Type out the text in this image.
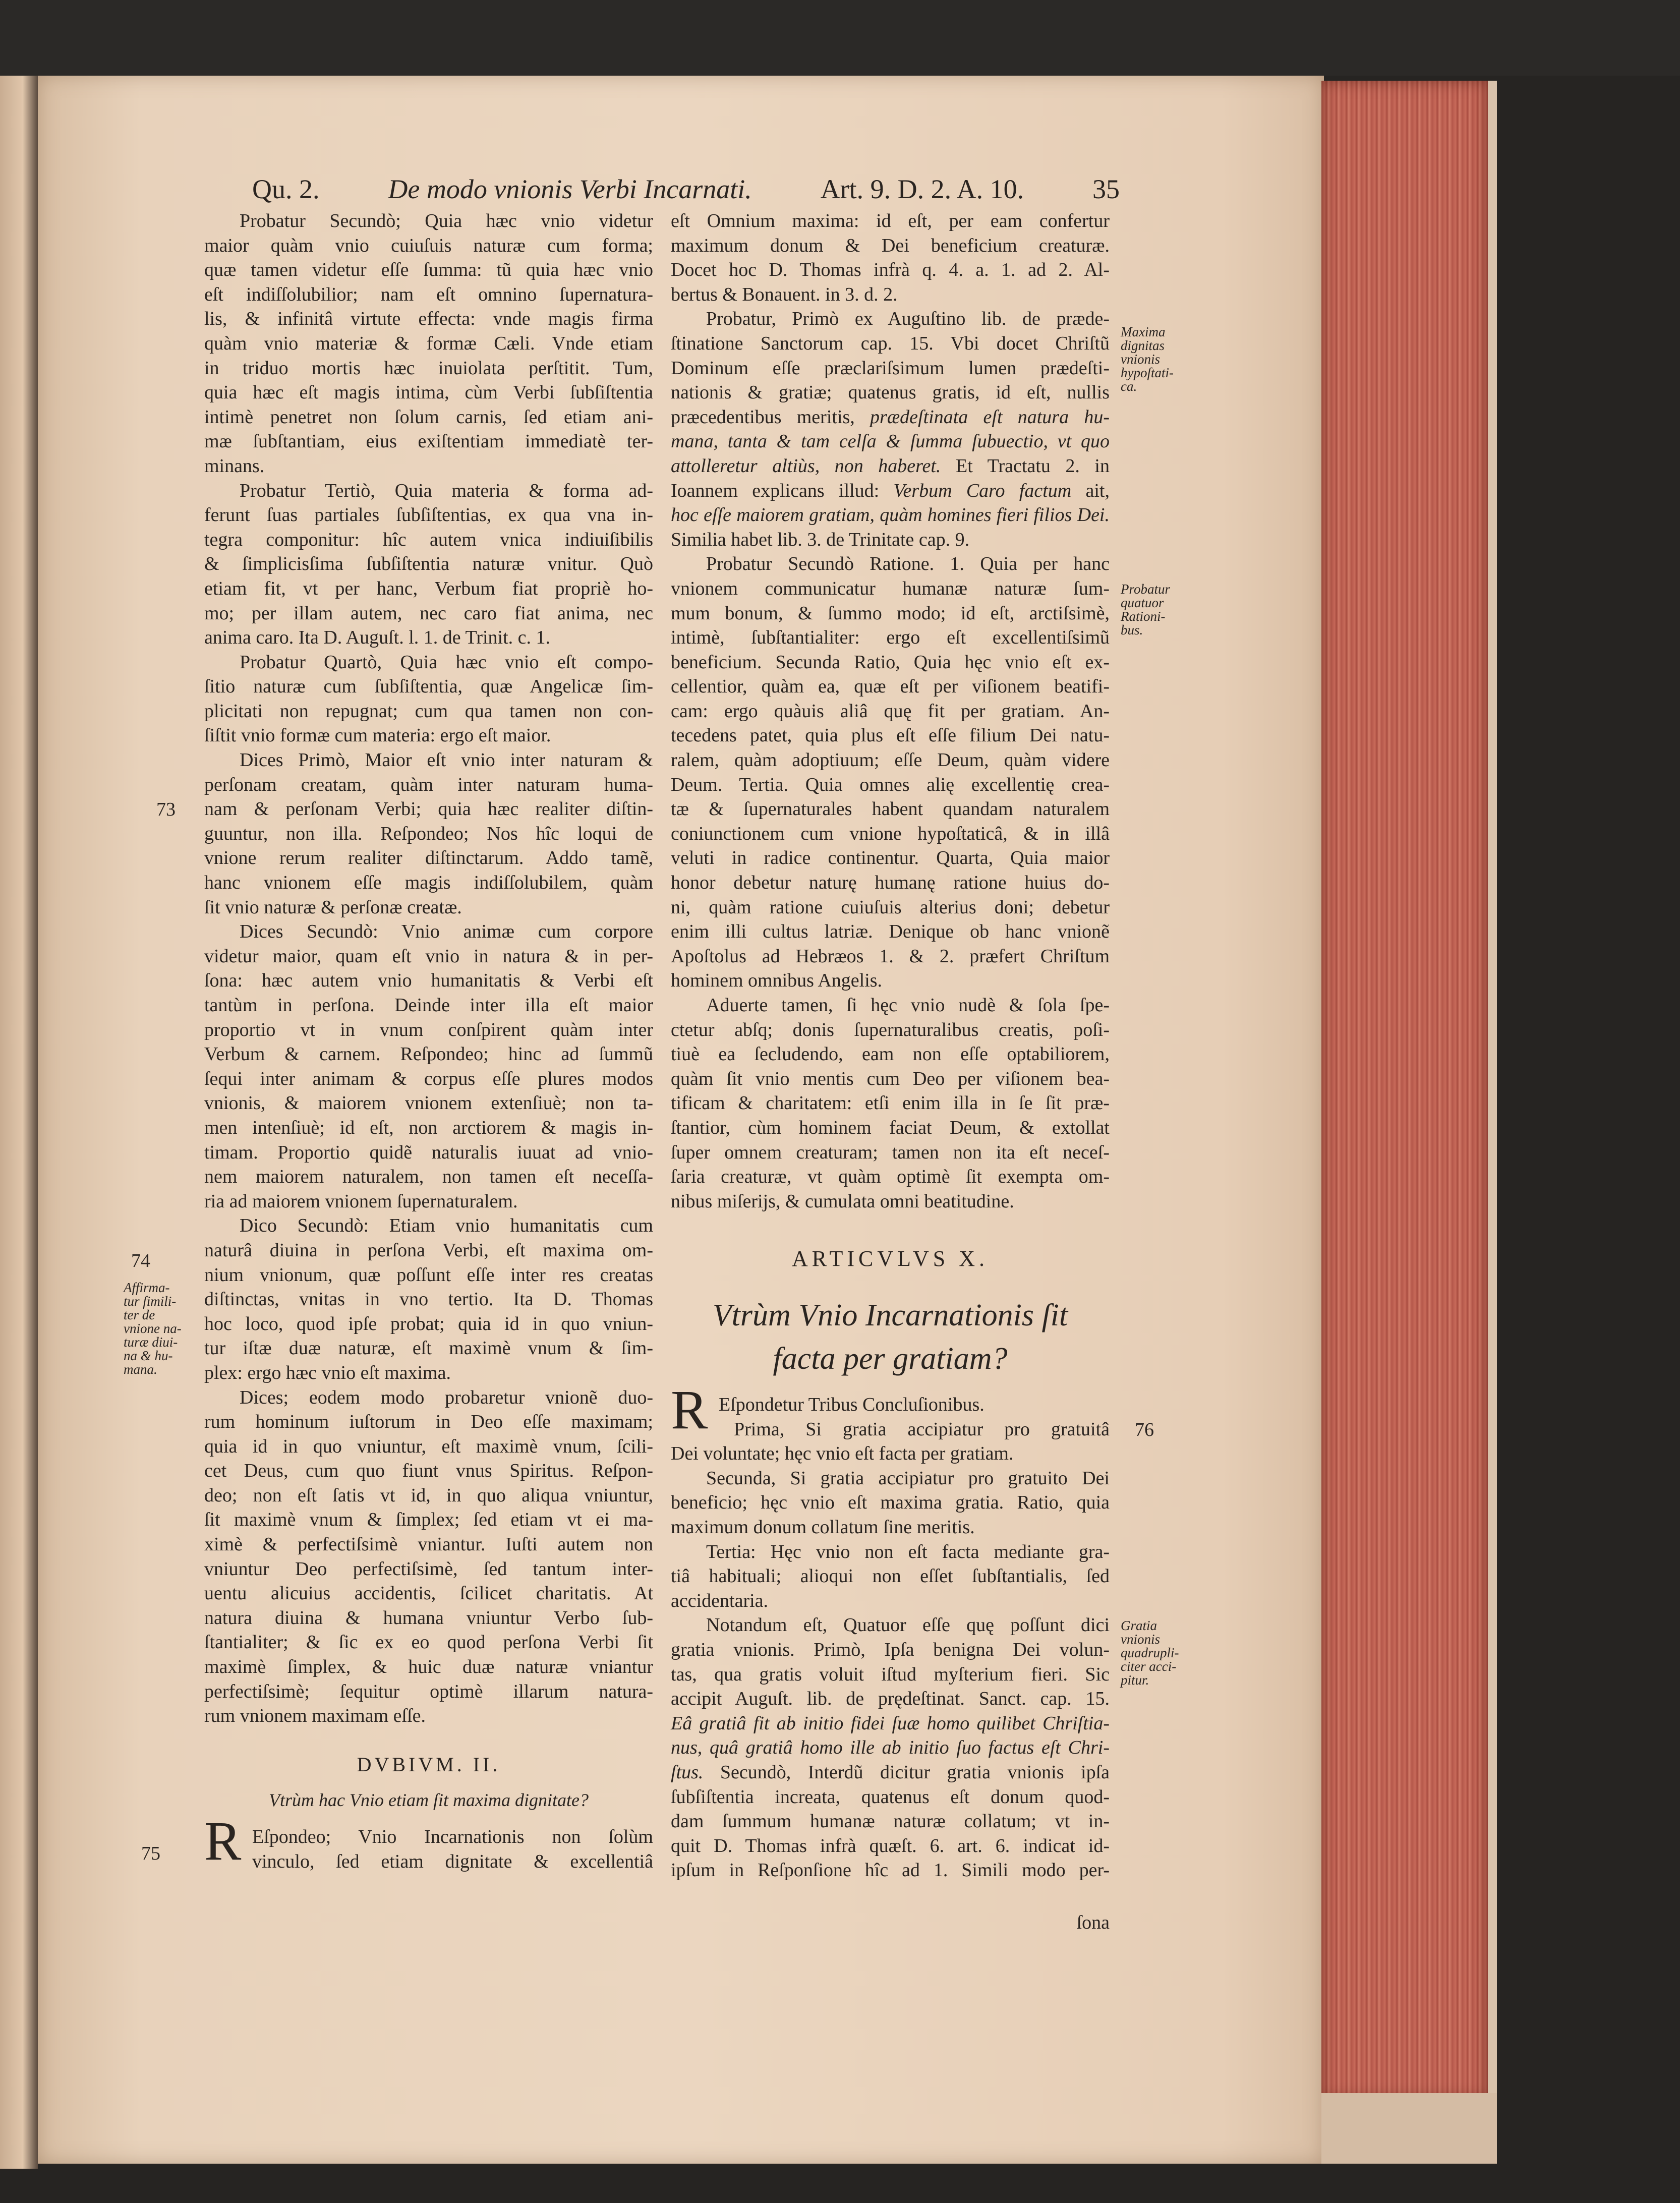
Qu. 2.	De modo vnionis Verbi Incarnati.	Art. 9. D. 2. A. 10.	35
Probatur Secundò; Quia hæc vnio videtur
maior quàm vnio cuiuſuis naturæ cum forma;
quæ tamen videtur eſſe ſumma: tũ quia hæc vnio
eſt indiſſolubilior; nam eſt omnino ſupernatura-
lis, & infinitâ virtute effecta: vnde magis firma
quàm vnio materiæ & formæ Cæli. Vnde etiam
in triduo mortis hæc inuiolata perſtitit. Tum,
quia hæc eſt magis intima, cùm Verbi ſubſiſtentia
intimè penetret non ſolum carnis, ſed etiam ani-
mæ ſubſtantiam, eius exiſtentiam immediatè ter-
minans.
Probatur Tertiò, Quia materia & forma ad-
ferunt ſuas partiales ſubſiſtentias, ex qua vna in-
tegra componitur: hîc autem vnica indiuiſibilis
& ſimplicisſima ſubſiſtentia naturæ vnitur. Quò
etiam fit, vt per hanc, Verbum fiat propriè ho-
mo; per illam autem, nec caro fiat anima, nec
anima caro. Ita D. Auguſt. l. 1. de Trinit. c. 1.
Probatur Quartò, Quia hæc vnio eſt compo-
ſitio naturæ cum ſubſiſtentia, quæ Angelicæ ſim-
plicitati non repugnat; cum qua tamen non con-
ſiſtit vnio formæ cum materia: ergo eſt maior.
Dices Primò, Maior eſt vnio inter naturam &
perſonam creatam, quàm inter naturam huma-
nam & perſonam Verbi; quia hæc realiter diſtin-
guuntur, non illa. Reſpondeo; Nos hîc loqui de
vnione rerum realiter diſtinctarum. Addo tamẽ,
hanc vnionem eſſe magis indiſſolubilem, quàm
ſit vnio naturæ & perſonæ creatæ.
Dices Secundò: Vnio animæ cum corpore
videtur maior, quam eſt vnio in natura & in per-
ſona: hæc autem vnio humanitatis & Verbi eſt
tantùm in perſona. Deinde inter illa eſt maior
proportio vt in vnum conſpirent quàm inter
Verbum & carnem. Reſpondeo; hinc ad ſummũ
ſequi inter animam & corpus eſſe plures modos
vnionis, & maiorem vnionem extenſiuè; non ta-
men intenſiuè; id eſt, non arctiorem & magis in-
timam. Proportio quidẽ naturalis iuuat ad vnio-
nem maiorem naturalem, non tamen eſt neceſſa-
ria ad maiorem vnionem ſupernaturalem.
Dico Secundò: Etiam vnio humanitatis cum
naturâ diuina in perſona Verbi, eſt maxima om-
nium vnionum, quæ poſſunt eſſe inter res creatas
diſtinctas, vnitas in vno tertio. Ita D. Thomas
hoc loco, quod ipſe probat; quia id in quo vniun-
tur iſtæ duæ naturæ, eſt maximè vnum & ſim-
plex: ergo hæc vnio eſt maxima.
Dices; eodem modo probaretur vnionẽ duo-
rum hominum iuſtorum in Deo eſſe maximam;
quia id in quo vniuntur, eſt maximè vnum, ſcili-
cet Deus, cum quo fiunt vnus Spiritus. Reſpon-
deo; non eſt ſatis vt id, in quo aliqua vniuntur,
ſit maximè vnum & ſimplex; ſed etiam vt ei ma-
ximè & perfectiſsimè vniantur. Iuſti autem non
vniuntur Deo perfectiſsimè, ſed tantum inter-
uentu alicuius accidentis, ſcilicet charitatis. At
natura diuina & humana vniuntur Verbo ſub-
ſtantialiter; & ſic ex eo quod perſona Verbi ſit
maximè ſimplex, & huic duæ naturæ vniantur
perfectiſsimè; ſequitur optimè illarum natura-
rum vnionem maximam eſſe.
DVBIVM. II.
Vtrùm hac Vnio etiam ſit maxima dignitate?
R Eſpondeo; Vnio Incarnationis non ſolùm
vinculo, ſed etiam dignitate & excellentiâ
eſt Omnium maxima: id eſt, per eam confertur
maximum donum & Dei beneficium creaturæ.
Docet hoc D. Thomas infrà q. 4. a. 1. ad 2. Al-
bertus & Bonauent. in 3. d. 2.
Probatur, Primò ex Auguſtino lib. de præde-
ſtinatione Sanctorum cap. 15. Vbi docet Chriſtũ
Dominum eſſe præclariſsimum lumen prædeſti-
nationis & gratiæ; quatenus gratis, id eſt, nullis
præcedentibus meritis, prædeſtinata eſt natura hu-
mana, tanta & tam celſa & ſumma ſubuectio, vt quo
attolleretur altiùs, non haberet. Et Tractatu 2. in
Ioannem explicans illud: Verbum Caro factum ait,
hoc eſſe maiorem gratiam, quàm homines fieri filios Dei.
Similia habet lib. 3. de Trinitate cap. 9.
Probatur Secundò Ratione. 1. Quia per hanc
vnionem communicatur humanæ naturæ ſum-
mum bonum, & ſummo modo; id eſt, arctiſsimè,
intimè, ſubſtantialiter: ergo eſt excellentiſsimũ
beneficium. Secunda Ratio, Quia hęc vnio eſt ex-
cellentior, quàm ea, quæ eſt per viſionem beatifi-
cam: ergo quàuis aliâ quę fit per gratiam. An-
tecedens patet, quia plus eſt eſſe filium Dei natu-
ralem, quàm adoptiuum; eſſe Deum, quàm videre
Deum. Tertia. Quia omnes alię excellentię crea-
tæ & ſupernaturales habent quandam naturalem
coniunctionem cum vnione hypoſtaticâ, & in illâ
veluti in radice continentur. Quarta, Quia maior
honor debetur naturę humanę ratione huius do-
ni, quàm ratione cuiuſuis alterius doni; debetur
enim illi cultus latriæ. Denique ob hanc vnionẽ
Apoſtolus ad Hebræos 1. & 2. præfert Chriſtum
hominem omnibus Angelis.
Aduerte tamen, ſi hęc vnio nudè & ſola ſpe-
ctetur abſq; donis ſupernaturalibus creatis, poſi-
tiuè ea ſecludendo, eam non eſſe optabiliorem,
quàm ſit vnio mentis cum Deo per viſionem bea-
tificam & charitatem: etſi enim illa in ſe ſit præ-
ſtantior, cùm hominem faciat Deum, & extollat
ſuper omnem creaturam; tamen non ita eſt neceſ-
ſaria creaturæ, vt quàm optimè ſit exempta om-
nibus miſerijs, & cumulata omni beatitudine.
ARTICVLVS X.
Vtrùm Vnio Incarnationis ſit
facta per gratiam?
R Eſpondetur Tribus Concluſionibus.
Prima, Si gratia accipiatur pro gratuitâ
Dei voluntate; hęc vnio eſt facta per gratiam.
Secunda, Si gratia accipiatur pro gratuito Dei
beneficio; hęc vnio eſt maxima gratia. Ratio, quia
maximum donum collatum ſine meritis.
Tertia: Hęc vnio non eſt facta mediante gra-
tiâ habituali; alioqui non eſſet ſubſtantialis, ſed
accidentaria.
Notandum eſt, Quatuor eſſe quę poſſunt dici
gratia vnionis. Primò, Ipſa benigna Dei volun-
tas, qua gratis voluit iſtud myſterium fieri. Sic
accipit Auguſt. lib. de prędeſtinat. Sanct. cap. 15.
Eâ gratiâ fit ab initio fidei ſuæ homo quilibet Chriſtia-
nus, quâ gratiâ homo ille ab initio ſuo factus eſt Chri-
ſtus. Secundò, Interdũ dicitur gratia vnionis ipſa
ſubſiſtentia increata, quatenus eſt donum quod-
dam ſummum humanæ naturæ collatum; vt in-
quit D. Thomas infrà quæſt. 6. art. 6. indicat id-
ipſum in Reſponſione hîc ad 1. Simili modo per-
ſona
73
74
75
76
Affirma-
tur ſimili-
ter de
vnione na-
turæ diui-
na & hu-
mana.
Maxima
dignitas
vnionis
hypoſtati-
ca.
Probatur
quatuor
Rationi-
bus.
Gratia
vnionis
quadrupli-
citer acci-
pitur.
